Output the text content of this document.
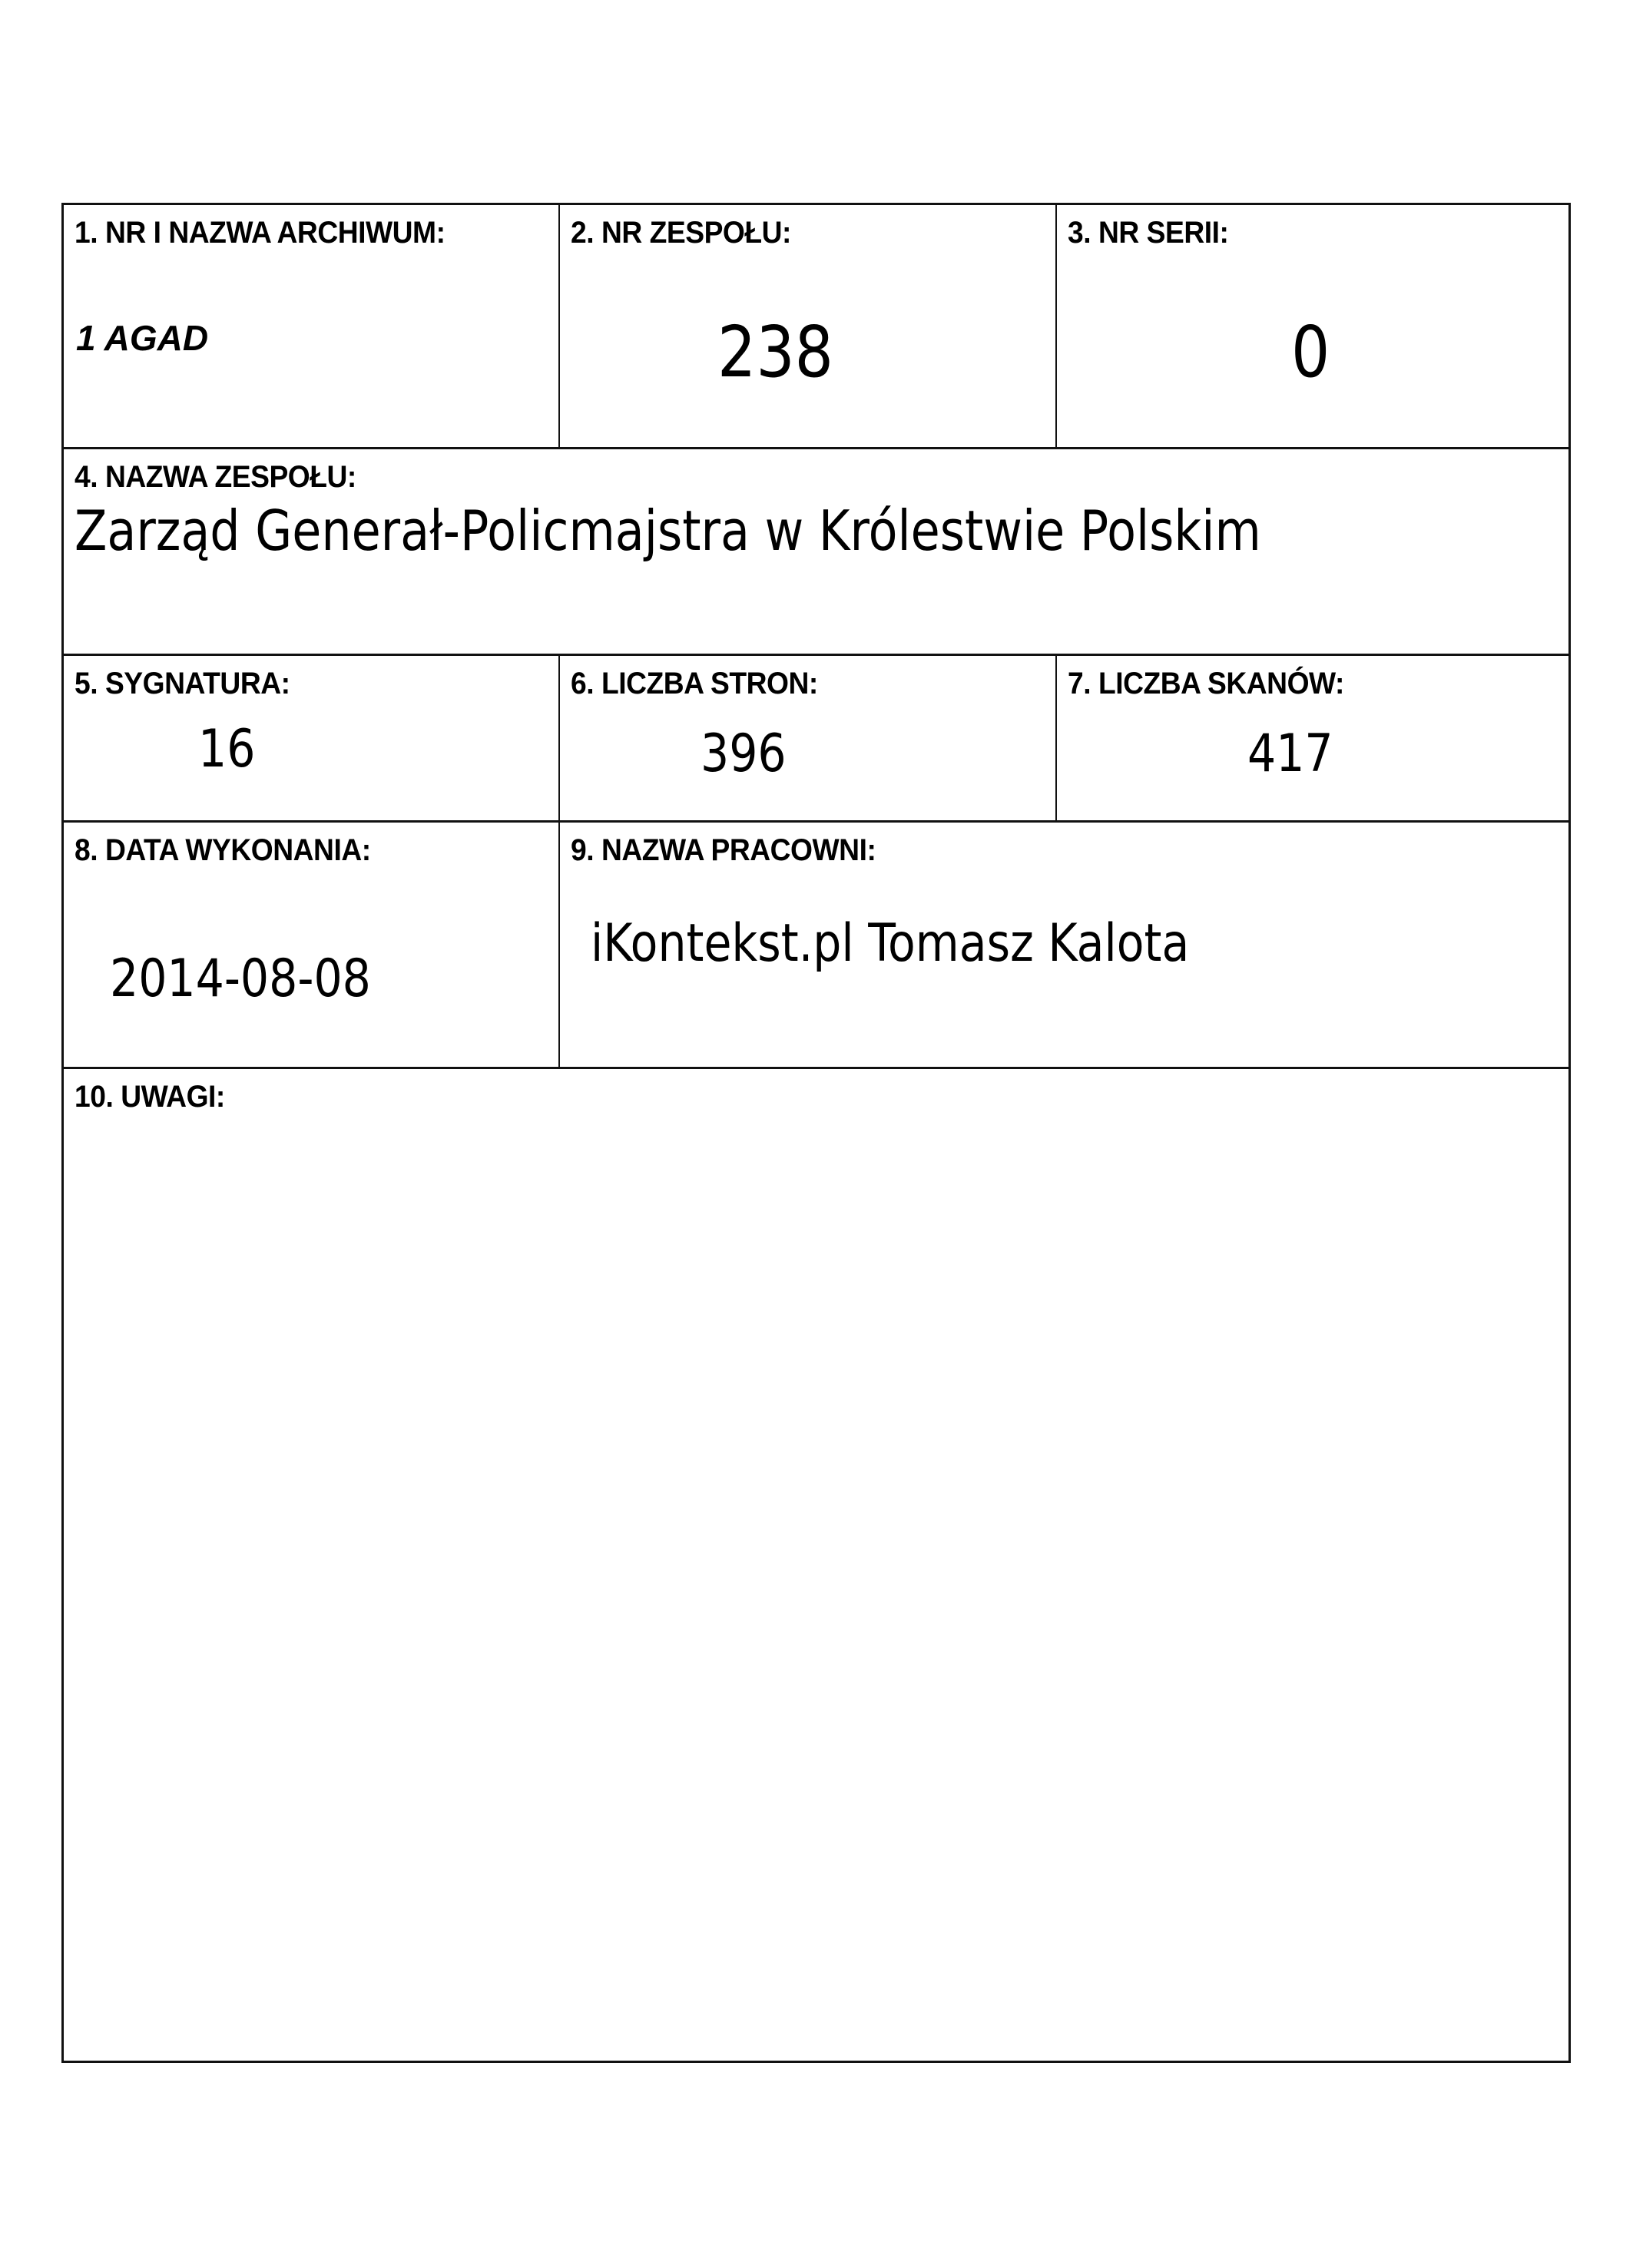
1. NR I NAZWA ARCHIWUM:
1 AGAD
2. NR ZESPOŁU:
238
3. NR SERII:
0
4. NAZWA ZESPOŁU:
Zarząd Generał-Policmajstra w Królestwie Polskim
5. SYGNATURA:
16
6. LICZBA STRON:
396
7. LICZBA SKANÓW:
417
8. DATA WYKONANIA:
2014-08-08
9. NAZWA PRACOWNI:
iKontekst.pl Tomasz Kalota
10. UWAGI:
